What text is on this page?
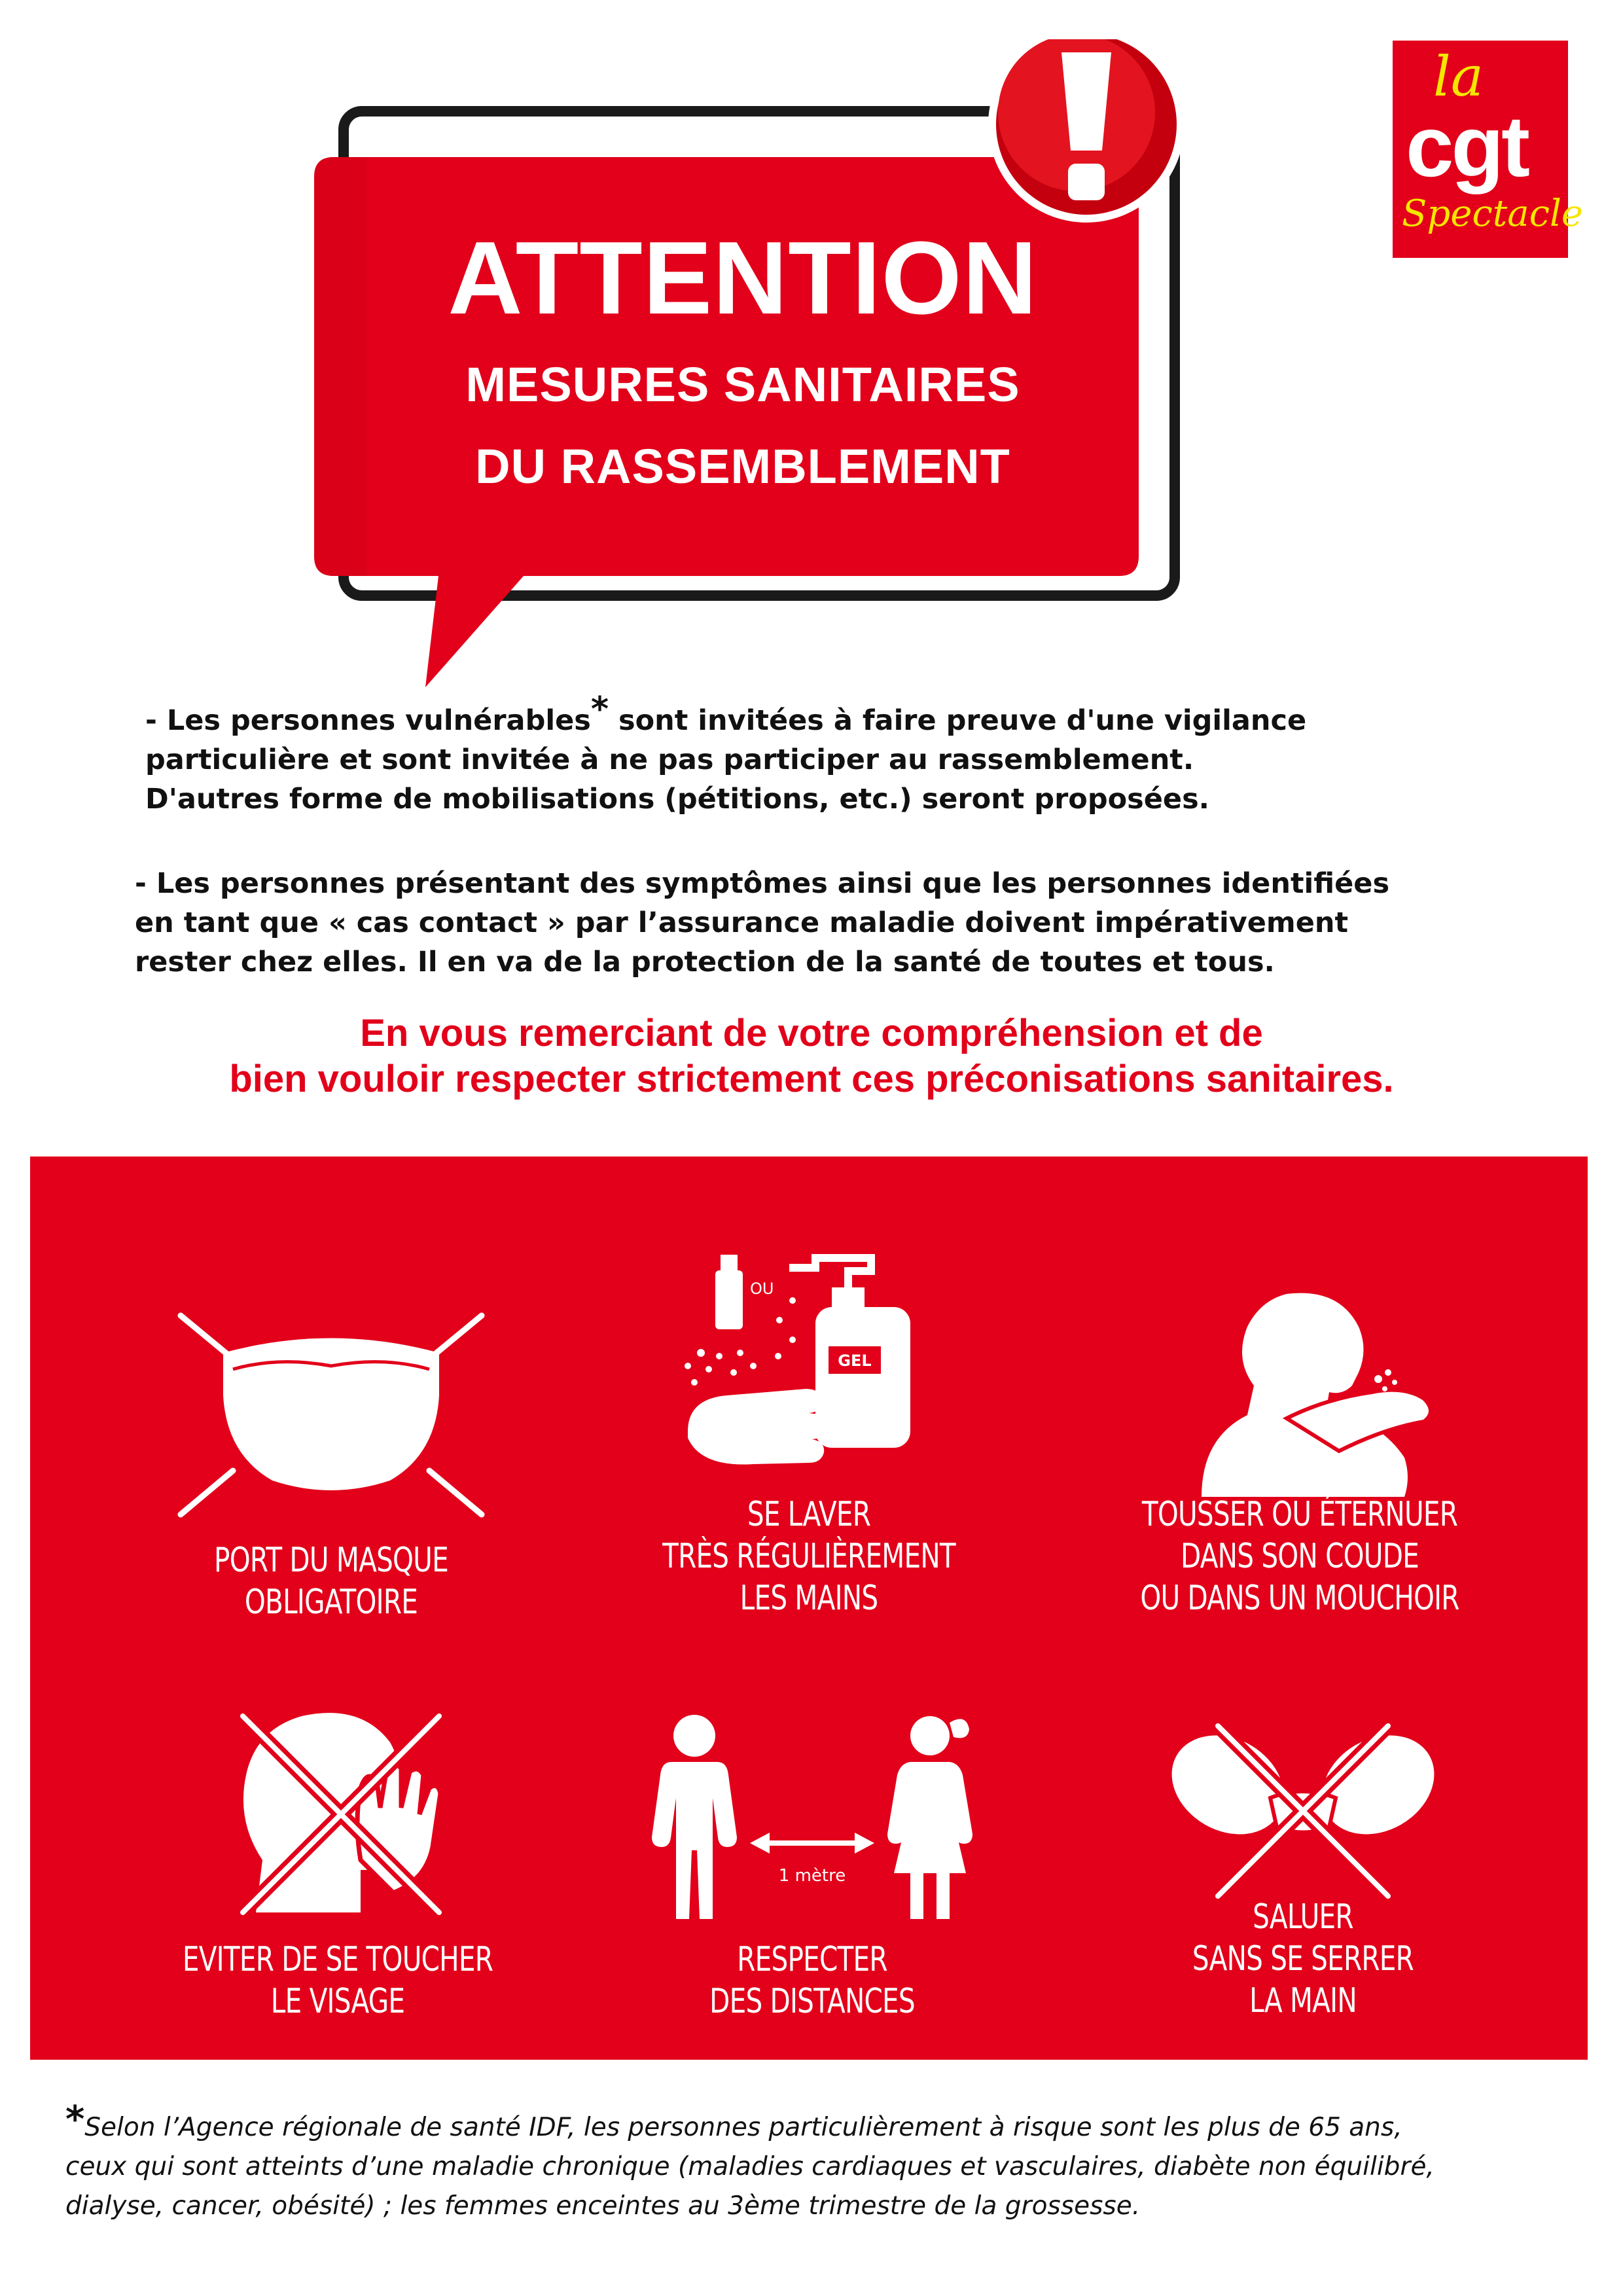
ATTENTION
MESURES SANITAIRES
DU RASSEMBLEMENT
la
cgt
Spectacle
- Les personnes vulnérables* sont invitées à faire preuve d'une vigilance
particulière et sont invitée à ne pas participer au rassemblement.
D'autres forme de mobilisations (pétitions, etc.) seront proposées.
- Les personnes présentant des symptômes ainsi que les personnes identifiées
en tant que « cas contact » par l’assurance maladie doivent impérativement
rester chez elles. Il en va de la protection de la santé de toutes et tous.
En vous remerciant de votre compréhension et de
bien vouloir respecter strictement ces préconisations sanitaires.
PORT DU MASQUE
OBLIGATOIRE
OU
GEL
SE LAVER
TRÈS RÉGULIÈREMENT
LES MAINS
TOUSSER OU ÉTERNUER
DANS SON COUDE
OU DANS UN MOUCHOIR
EVITER DE SE TOUCHER
LE VISAGE
1 mètre
RESPECTER
DES DISTANCES
SALUER
SANS SE SERRER
LA MAIN
*Selon l’Agence régionale de santé IDF, les personnes particulièrement à risque sont les plus de 65 ans,
ceux qui sont atteints d’une maladie chronique (maladies cardiaques et vasculaires, diabète non équilibré,
dialyse, cancer, obésité) ; les femmes enceintes au 3ème trimestre de la grossesse.
